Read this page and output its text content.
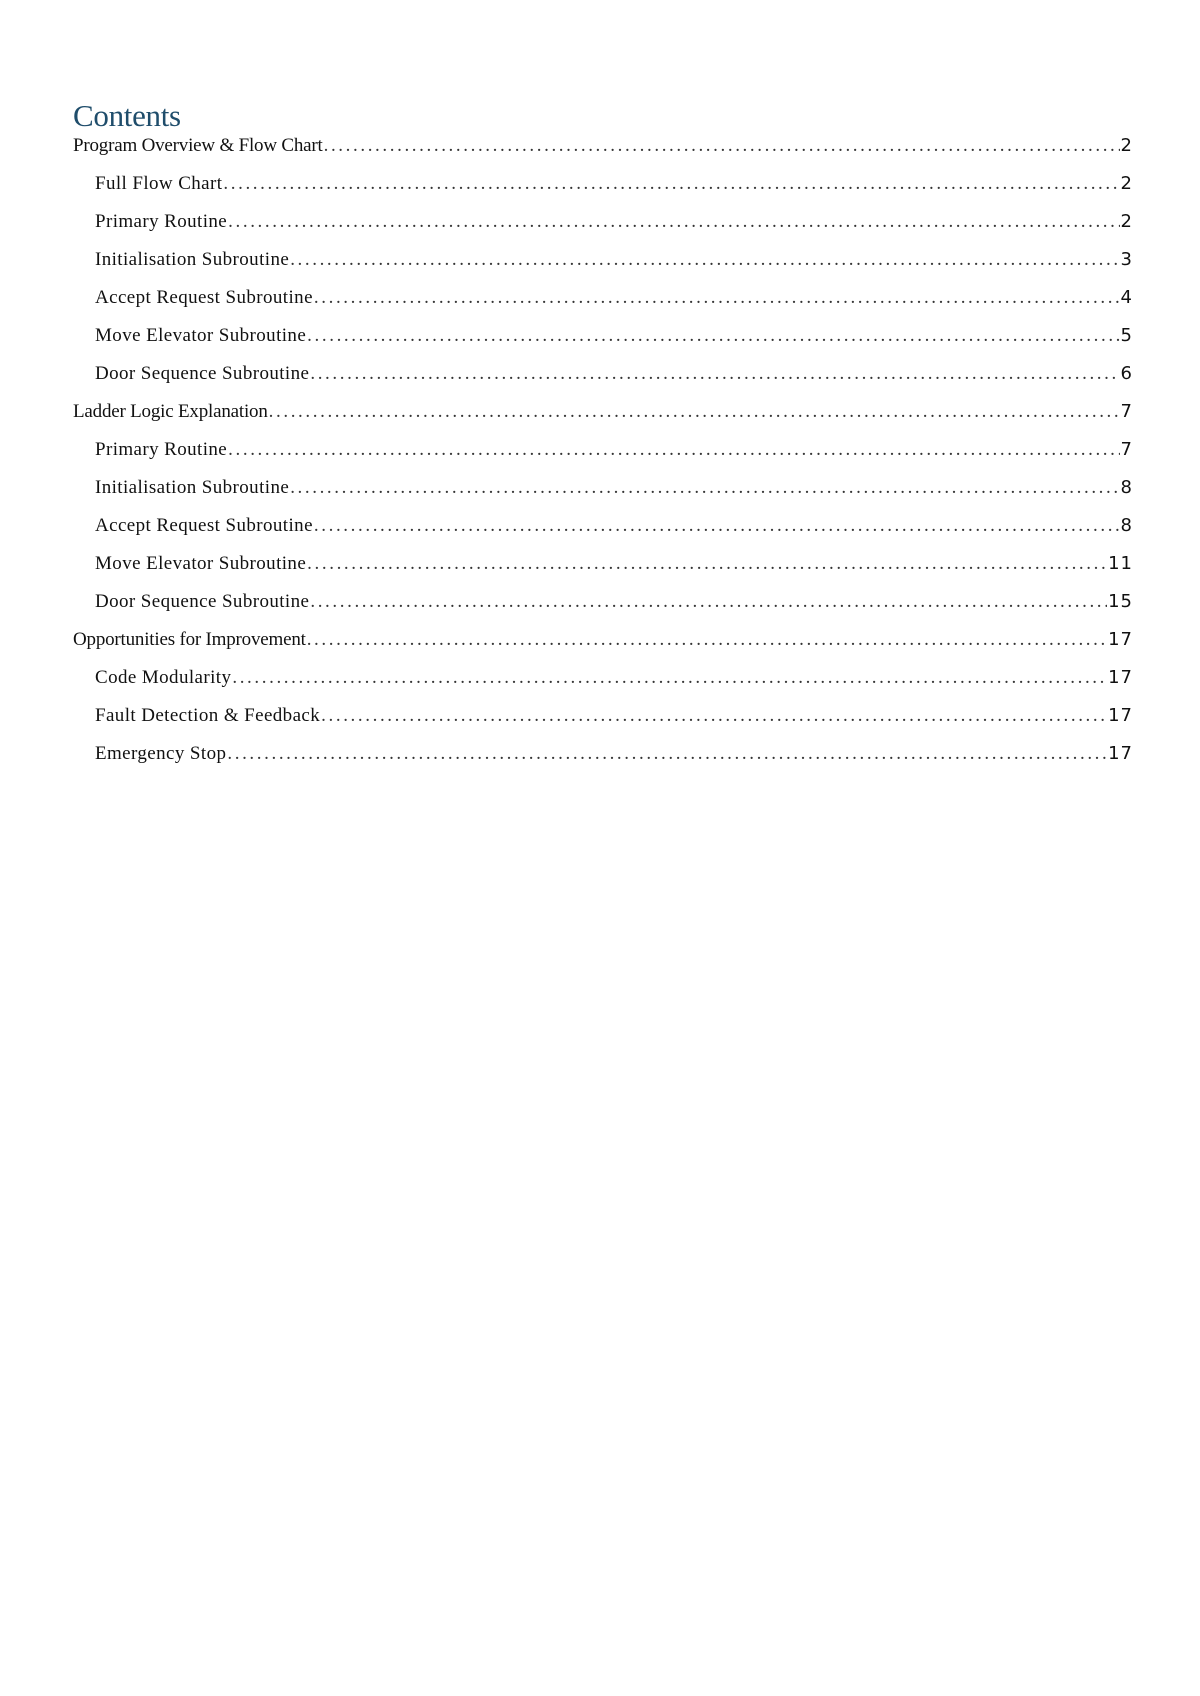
Contents
Program Overview & Flow Chart .....	2
Full Flow Chart .....	2
Primary Routine .....	2
Initialisation Subroutine .....	3
Accept Request Subroutine .....	4
Move Elevator Subroutine .....	5
Door Sequence Subroutine .....	6
Ladder Logic Explanation .....	7
Primary Routine .....	7
Initialisation Subroutine .....	8
Accept Request Subroutine .....	8
Move Elevator Subroutine .....	11
Door Sequence Subroutine .....	15
Opportunities for Improvement .....	17
Code Modularity .....	17
Fault Detection & Feedback .....	17
Emergency Stop .....	17
